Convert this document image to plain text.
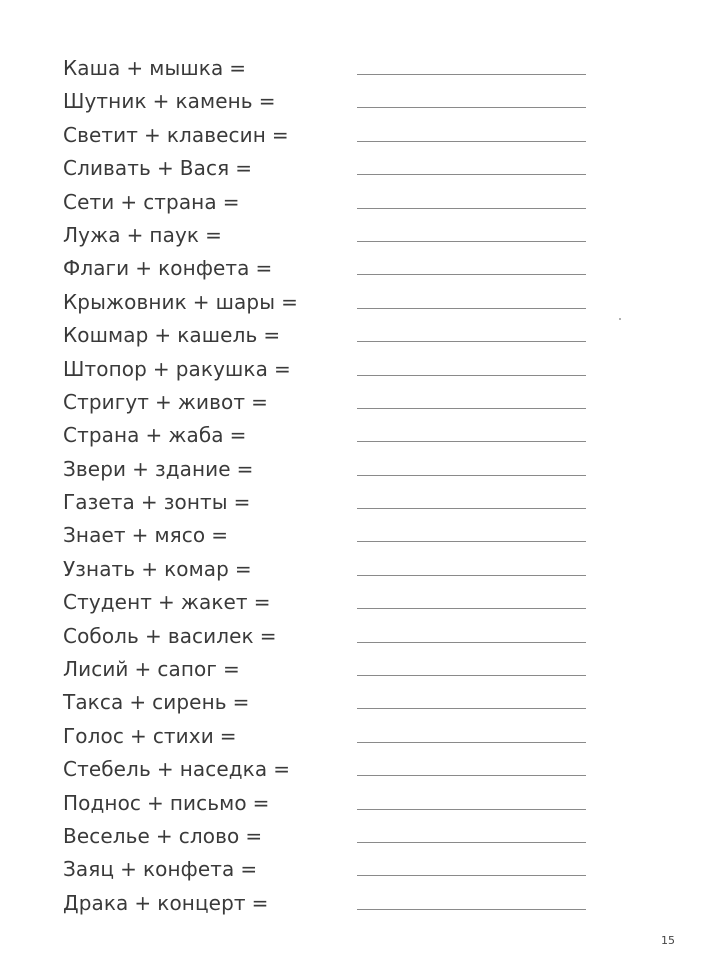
Каша + мышка =
Шутник + камень =
Светит + клавесин =
Сливать + Вася =
Сети + страна =
Лужа + паук =
Флаги + конфета =
Крыжовник + шары =
Кошмар + кашель =
Штопор + ракушка =
Стригут + живот =
Страна + жаба =
Звери + здание =
Газета + зонты =
Знает + мясо =
Узнать + комар =
Студент + жакет =
Соболь + василек =
Лисий + сапог =
Такса + сирень =
Голос + стихи =
Стебель + наседка =
Поднос + письмо =
Веселье + слово =
Заяц + конфета =
Драка + концерт =
15
